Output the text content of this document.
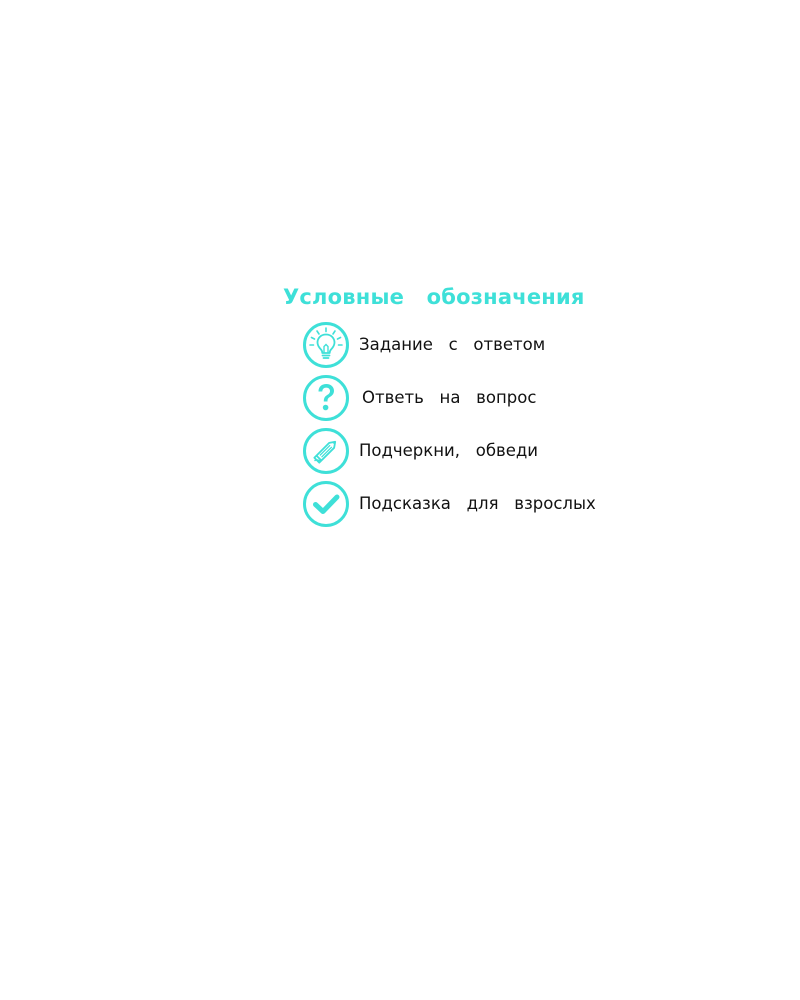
Условные   обозначения
Задание   с   ответом
Ответь   на   вопрос
Подчеркни,   обведи
Подсказка   для   взрослых
